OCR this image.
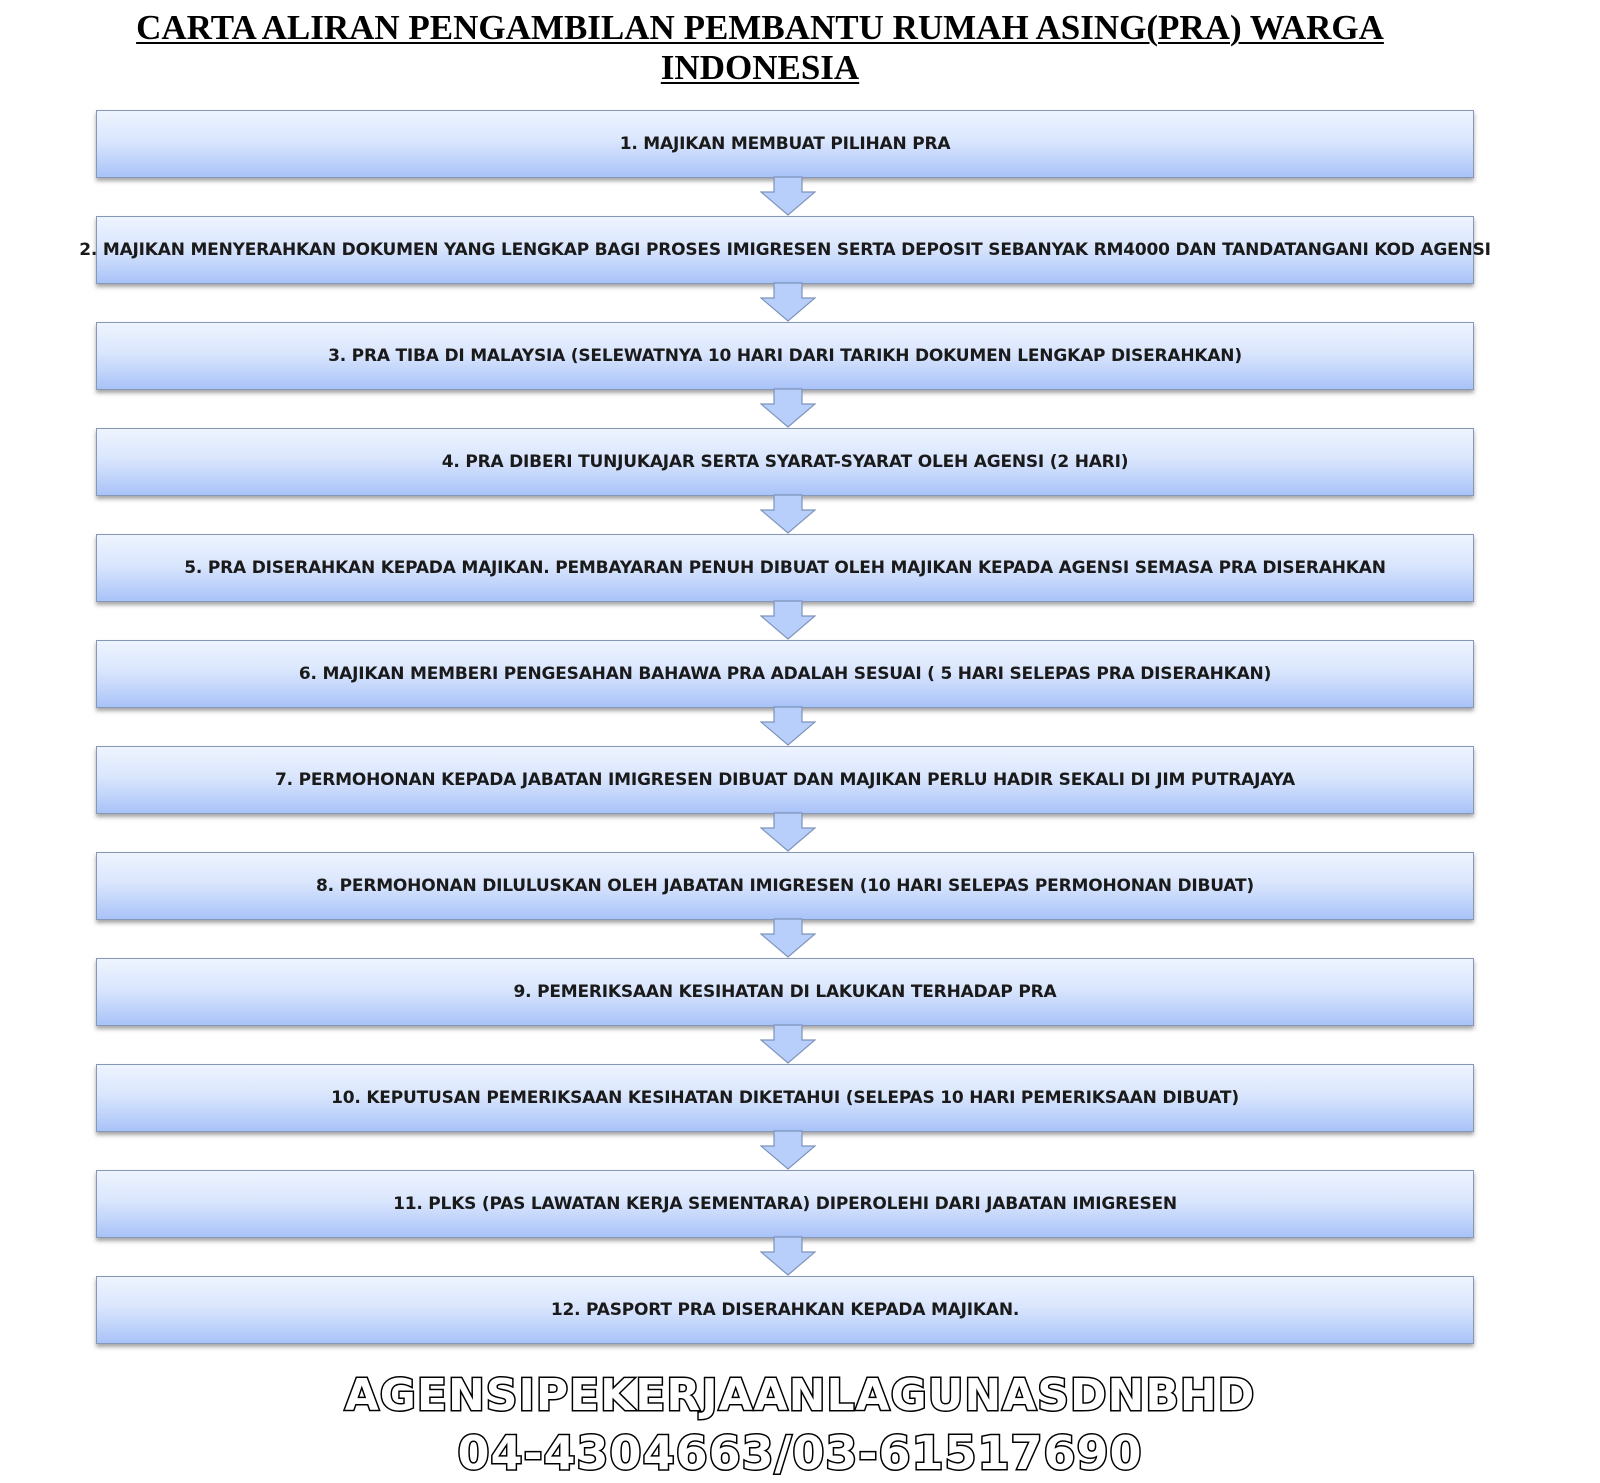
CARTA ALIRAN PENGAMBILAN PEMBANTU RUMAH ASING(PRA) WARGA
INDONESIA
1. MAJIKAN MEMBUAT PILIHAN PRA
2. MAJIKAN MENYERAHKAN DOKUMEN YANG LENGKAP BAGI PROSES IMIGRESEN SERTA DEPOSIT SEBANYAK RM4000 DAN TANDATANGANI KOD AGENSI
3. PRA TIBA DI MALAYSIA (SELEWATNYA 10 HARI DARI TARIKH DOKUMEN LENGKAP DISERAHKAN)
4. PRA DIBERI TUNJUKAJAR SERTA SYARAT-SYARAT OLEH AGENSI (2 HARI)
5. PRA DISERAHKAN KEPADA MAJIKAN. PEMBAYARAN PENUH DIBUAT OLEH MAJIKAN KEPADA AGENSI SEMASA PRA DISERAHKAN
6. MAJIKAN MEMBERI PENGESAHAN BAHAWA PRA ADALAH SESUAI ( 5 HARI SELEPAS PRA DISERAHKAN)
7. PERMOHONAN KEPADA JABATAN IMIGRESEN DIBUAT DAN MAJIKAN PERLU HADIR SEKALI DI JIM PUTRAJAYA
8. PERMOHONAN DILULUSKAN OLEH JABATAN IMIGRESEN (10 HARI SELEPAS PERMOHONAN DIBUAT)
9. PEMERIKSAAN KESIHATAN DI LAKUKAN TERHADAP PRA
10. KEPUTUSAN PEMERIKSAAN KESIHATAN DIKETAHUI (SELEPAS 10 HARI PEMERIKSAAN DIBUAT)
11. PLKS (PAS LAWATAN KERJA SEMENTARA) DIPEROLEHI DARI JABATAN IMIGRESEN
12. PASPORT PRA DISERAHKAN KEPADA MAJIKAN.
AGENSIPEKERJAANLAGUNASDNBHD
04-4304663/03-61517690
